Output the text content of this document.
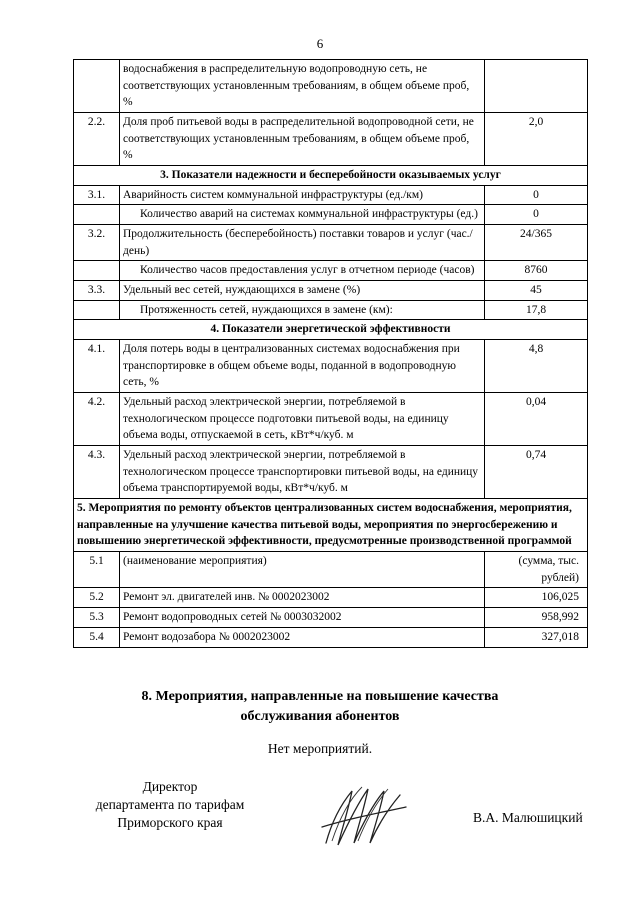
6
	водоснабжения в распределительную водопроводную сеть, не соответствующих установленным требованиям, в общем объеме проб, %	
2.2.	Доля проб питьевой воды в распределительной водопроводной сети, не соответствующих установленным требованиям, в общем объеме проб, %	2,0
3. Показатели надежности и бесперебойности оказываемых услуг		
3.1.	Аварийность систем коммунальной инфраструктуры (ед./км)	0
	Количество аварий на системах коммунальной инфраструктуры (ед.)	0
3.2.	Продолжительность (бесперебойность) поставки товаров и услуг (час./день)	24/365
	Количество часов предоставления услуг в отчетном периоде (часов)	8760
3.3.	Удельный вес сетей, нуждающихся в замене (%)	45
	Протяженность сетей, нуждающихся в замене (км):	17,8
4. Показатели энергетической эффективности		
4.1.	Доля потерь воды в централизованных системах водоснабжения при транспортировке в общем объеме воды, поданной в водопроводную сеть, %	4,8
4.2.	Удельный расход электрической энергии, потребляемой в технологическом процессе подготовки питьевой воды, на единицу объема воды, отпускаемой в сеть, кВт*ч/куб. м	0,04
4.3.	Удельный расход электрической энергии, потребляемой в технологическом процессе транспортировки питьевой воды, на единицу объема транспортируемой воды, кВт*ч/куб. м	0,74
5. Мероприятия по ремонту объектов централизованных систем водоснабжения, мероприятия, направленные на улучшение качества питьевой воды, мероприятия по энергосбережению и повышению энергетической эффективности, предусмотренные производственной программой		
5.1	(наименование мероприятия)	(сумма, тыс. рублей)
5.2	Ремонт эл. двигателей инв. № 0002023002	106,025
5.3	Ремонт водопроводных сетей № 0003032002	958,992
5.4	Ремонт водозабора № 0002023002	327,018
8. Мероприятия, направленные на повышение качества обслуживания абонентов
Нет мероприятий.
Директор
департамента по тарифам
Приморского края	В.А. Малюшицкий
